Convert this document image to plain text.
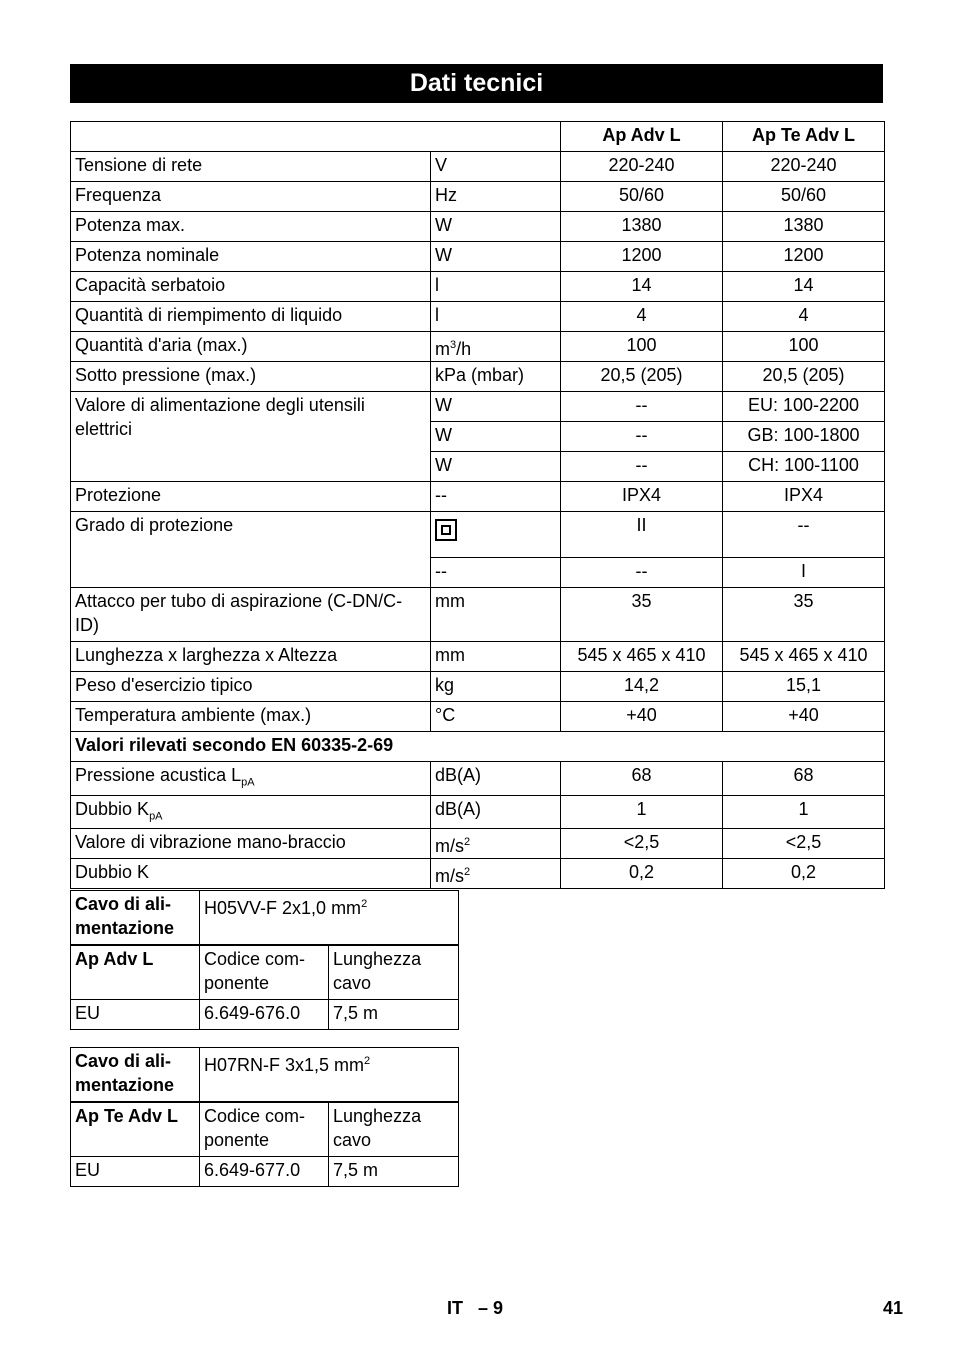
Dati tecnici
		Ap Adv L	Ap Te Adv L
Tensione di rete	V	220-240	220-240
Frequenza	Hz	50/60	50/60
Potenza max.	W	1380	1380
Potenza nominale	W	1200	1200
Capacità serbatoio	l	14	14
Quantità di riempimento di liquido	l	4	4
Quantità d'aria (max.)	$m^3/h$	100	100
Sotto pressione (max.)	kPa (mbar)	20,5 (205)	20,5 (205)
Valore di alimentazione degli utensili elettrici	W	--	EU: 100-2200
	W	--	GB: 100-1800
	W	--	CH: 100-1100
Protezione	--	IPX4	IPX4
Grado di protezione		II	--
	--	--	I
Attacco per tubo di aspirazione (C-DN/C-ID)	mm	35	35
Lunghezza x larghezza x Altezza	mm	545 x 465 x 410	545 x 465 x 410
Peso d'esercizio tipico	kg	14,2	15,1
Temperatura ambiente (max.)	°C	+40	+40
Valori rilevati secondo EN 60335-2-69			
Pressione acustica $L_{pA}$	dB(A)	68	68
Dubbio $K_{pA}$	dB(A)	1	1
Valore di vibrazione mano-braccio	$m/s^2$	<2,5	<2,5
Dubbio K	$m/s^2$	0,2	0,2
Cavo di ali-mentazione	H05VV-F 2x1,0 $mm^2$
Ap Adv L	Codice com-ponente	Lunghezza cavo
EU	6.649-676.0	7,5 m
Cavo di ali-mentazione	H07RN-F 3x1,5 $mm^2$
Ap Te Adv L	Codice com-ponente	Lunghezza cavo
EU	6.649-677.0	7,5 m
IT – 9	41
